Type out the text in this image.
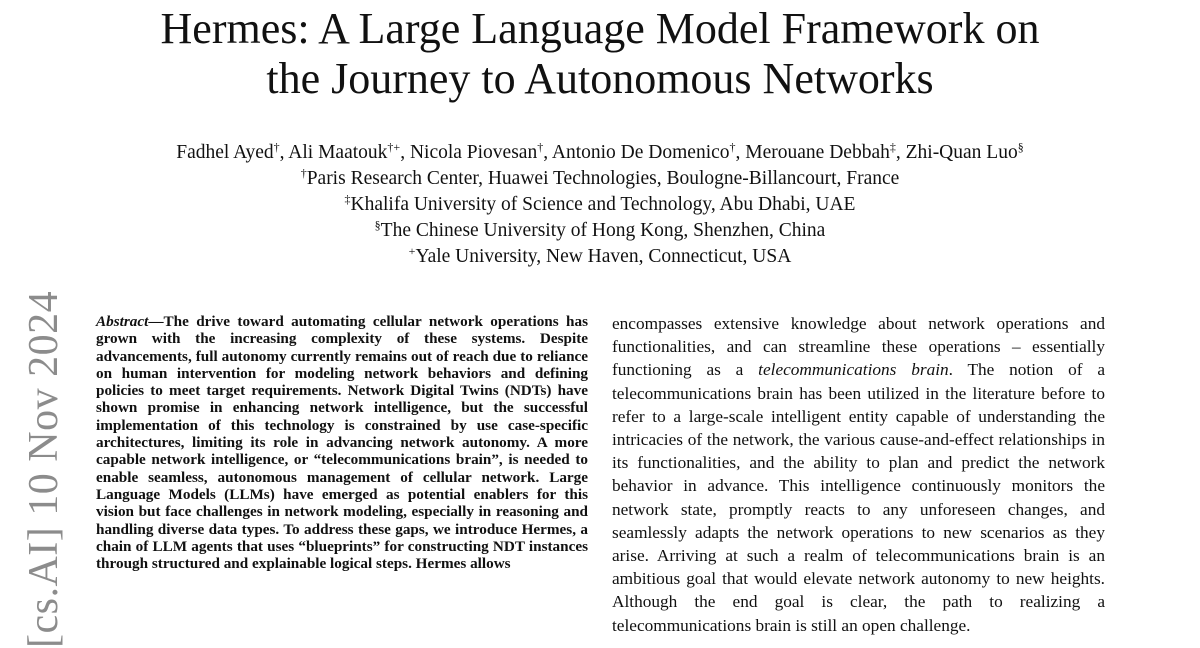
Hermes: A Large Language Model Framework on
the Journey to Autonomous Networks
Fadhel Ayed†, Ali Maatouk†+, Nicola Piovesan†, Antonio De Domenico†, Merouane Debbah‡, Zhi-Quan Luo§
†Paris Research Center, Huawei Technologies, Boulogne-Billancourt, France
‡Khalifa University of Science and Technology, Abu Dhabi, UAE
§The Chinese University of Hong Kong, Shenzhen, China
+Yale University, New Haven, Connecticut, USA
[cs.AI] 10 Nov 2024 Abstract—The drive toward automating cellular network operations has grown with the increasing complexity of these systems. Despite advancements, full autonomy currently remains out of reach due to reliance on human intervention for modeling network behaviors and defining policies to meet target requirements. Network Digital Twins (NDTs) have shown promise in enhancing network intelligence, but the successful implementation of this technology is constrained by use case-specific architectures, limiting its role in advancing network autonomy. A more capable network intelligence, or “telecommunications brain”, is needed to enable seamless, autonomous management of cellular network. Large Language Models (LLMs) have emerged as potential enablers for this vision but face challenges in network modeling, especially in reasoning and handling diverse data types. To address these gaps, we introduce Hermes, a chain of LLM agents that uses “blueprints” for constructing NDT instances through structured and explainable logical steps. Hermes allows
encompasses extensive knowledge about network operations and functionalities, and can streamline these operations – essentially functioning as a telecommunications brain. The notion of a telecommunications brain has been utilized in the literature before to refer to a large-scale intelligent entity capable of understanding the intricacies of the network, the various cause-and-effect relationships in its functionalities, and the ability to plan and predict the network behavior in advance. This intelligence continuously monitors the network state, promptly reacts to any unforeseen changes, and seamlessly adapts the network operations to new scenarios as they arise. Arriving at such a realm of telecommunications brain is an ambitious goal that would elevate network autonomy to new heights. Although the end goal is clear, the path to realizing a telecommunications brain is still an open challenge.
